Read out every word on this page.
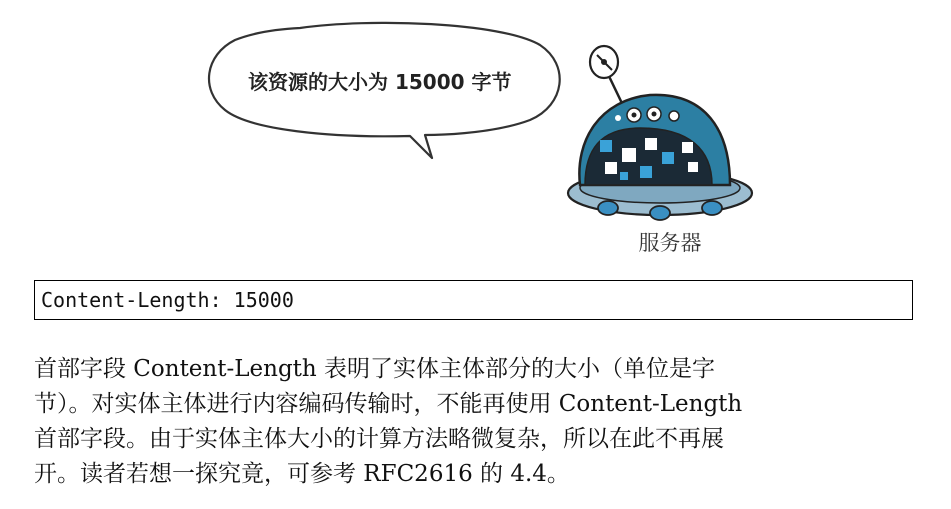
该资源的大小为 15000 字节
服务器
Content-Length: 15000
首部字段 Content-Length 表明了实体主体部分的大小（单位是字
节）。对实体主体进行内容编码传输时，不能再使用 Content-Length
首部字段。由于实体主体大小的计算方法略微复杂，所以在此不再展
开。读者若想一探究竟，可参考 RFC2616 的 4.4。
